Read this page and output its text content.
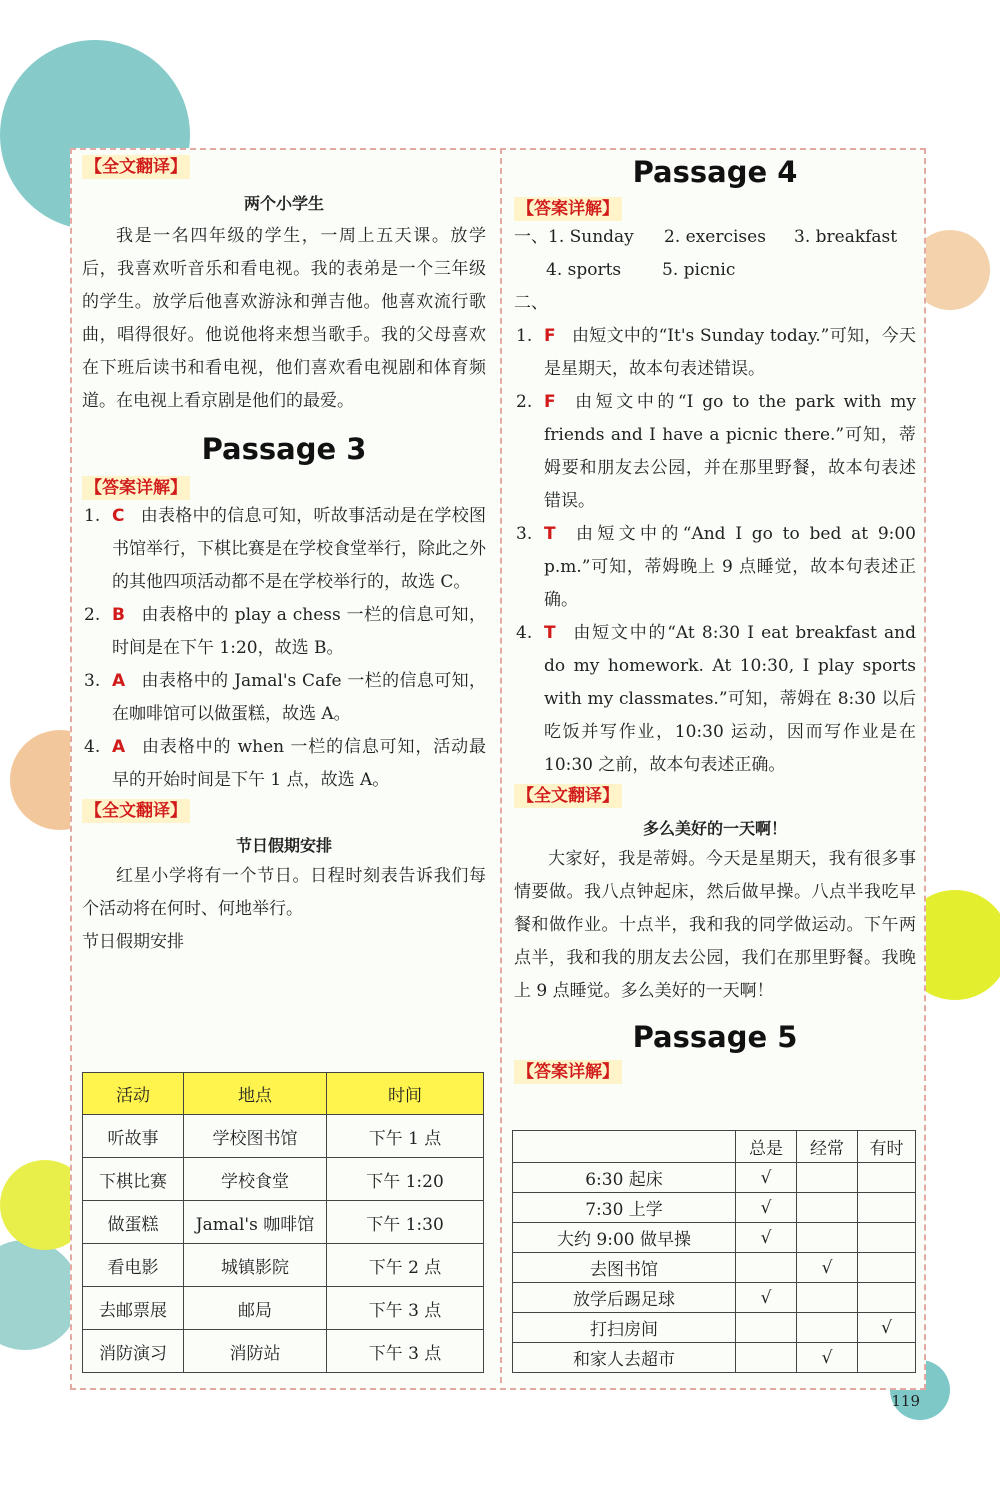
【全文翻译】
两个小学生

我是一名四年级的学生，一周上五天课。放学后，我喜欢听音乐和看电视。我的表弟是一个三年级的学生。放学后他喜欢游泳和弹吉他。他喜欢流行歌曲，唱得很好。他说他将来想当歌手。我的父母喜欢在下班后读书和看电视，他们喜欢看电视剧和体育频道。在电视上看京剧是他们的最爱。

Passage 3
【答案详解】

1. C 由表格中的信息可知，听故事活动是在学校图书馆举行，下棋比赛是在学校食堂举行，除此之外的其他四项活动都不是在学校举行的，故选 C。

2. B 由表格中的 play a chess 一栏的信息可知，时间是在下午 1:20，故选 B。

3. A 由表格中的 Jamal's Cafe 一栏的信息可知，在咖啡馆可以做蛋糕，故选 A。

4. A 由表格中的 when 一栏的信息可知，活动最早的开始时间是下午 1 点，故选 A。

【全文翻译】
节日假期安排

红星小学将有一个节日。日程时刻表告诉我们每个活动将在何时、何地举行。

节日假期安排

活动	地点	时间
听故事	学校图书馆	下午 1 点
下棋比赛	学校食堂	下午 1:20
做蛋糕	Jamal's 咖啡馆	下午 1:30
看电影	城镇影院	下午 2 点
去邮票展	邮局	下午 3 点
消防演习	消防站	下午 3 点
Passage 4
【答案详解】
一、1. Sunday 2. exercises 3. breakfast
4. sports 5. picnic
二、

1. F 由短文中的“It's Sunday today.”可知，今天是星期天，故本句表述错误。

2. F 由短文中的“I go to the park with my friends and I have a picnic there.”可知，蒂姆要和朋友去公园，并在那里野餐，故本句表述错误。

3. T 由短文中的“And I go to bed at 9:00 p.m.”可知，蒂姆晚上 9 点睡觉，故本句表述正确。

4. T 由短文中的“At 8:30 I eat breakfast and do my homework. At 10:30, I play sports with my classmates.”可知，蒂姆在 8:30 以后吃饭并写作业，10:30 运动，因而写作业是在 10:30 之前，故本句表述正确。

【全文翻译】
多么美好的一天啊！

大家好，我是蒂姆。今天是星期天，我有很多事情要做。我八点钟起床，然后做早操。八点半我吃早餐和做作业。十点半，我和我的同学做运动。下午两点半，我和我的朋友去公园，我们在那里野餐。我晚上 9 点睡觉。多么美好的一天啊！

Passage 5
【答案详解】
	总是	经常	有时
6:30 起床	√		
7:30 上学	√		
大约 9:00 做早操	√		
去图书馆		√	
放学后踢足球	√		
打扫房间			√
和家人去超市		√	
119
